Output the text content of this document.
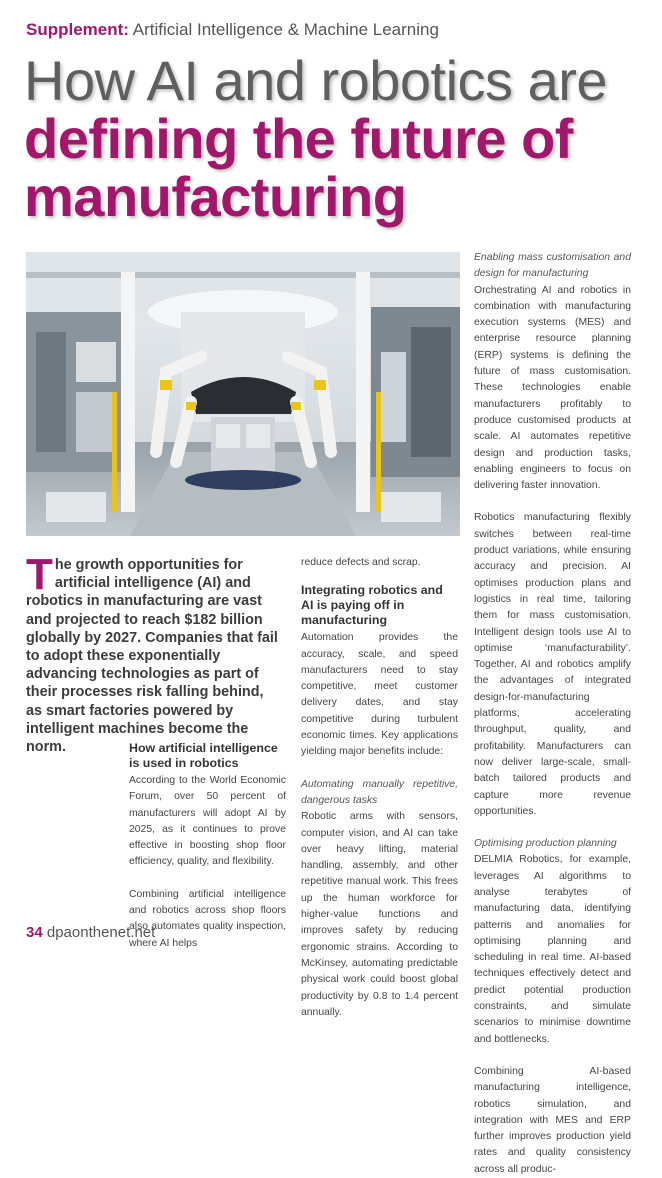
Supplement: Artificial Intelligence & Machine Learning
How AI and robotics are
defining the future of
manufacturing
T he growth opportunities for artificial intelligence (AI) and robotics in manufacturing are vast and projected to reach $182 billion globally by 2027. Companies that fail to adopt these exponentially advancing technologies as part of their processes risk falling behind, as smart factories powered by intelligent machines become the norm.	How artificial intelligence is used in robotics

According to the World Economic Forum, over 50 percent of manufacturers will adopt AI by 2025, as it continues to prove effective in boosting shop floor efficiency, quality, and flexibility.

Combining artificial intelligence and robotics across shop floors also automates quality inspection, where AI helps

reduce defects and scrap.

Integrating robotics and AI is paying off in manufacturing

Automation provides the accuracy, scale, and speed manufacturers need to stay competitive, meet customer delivery dates, and stay competitive during turbulent economic times. Key applications yielding major benefits include:

Automating manually repetitive, dangerous tasks

Robotic arms with sensors, computer vision, and AI can take over heavy lifting, material handling, assembly, and other repetitive manual work. This frees up the human workforce for higher-value functions and improves safety by reducing ergonomic strains. According to McKinsey, automating predictable physical work could boost global productivity by 0.8 to 1.4 percent annually.

Enabling mass customisation and design for manufacturing

Orchestrating AI and robotics in combination with manufacturing execution systems (MES) and enterprise resource planning (ERP) systems is defining the future of mass customisation. These technologies enable manufacturers profitably to produce customised products at scale. AI automates repetitive design and production tasks, enabling engineers to focus on delivering faster innovation.

Robotics manufacturing flexibly switches between real-time product variations, while ensuring accuracy and precision. AI optimises production plans and logistics in real time, tailoring them for mass customisation. Intelligent design tools use AI to optimise ‘manufacturability’. Together, AI and robotics amplify the advantages of integrated design-for-manufacturing platforms, accelerating throughput, quality, and profitability. Manufacturers can now deliver large-scale, small-batch tailored products and capture more revenue opportunities.

Optimising production planning

DELMIA Robotics, for example, leverages AI algorithms to analyse terabytes of manufacturing data, identifying patterns and anomalies for optimising planning and scheduling in real time. AI-based techniques effectively detect and predict potential production constraints, and simulate scenarios to minimise downtime and bottlenecks.

Combining AI-based manufacturing intelligence, robotics simulation, and integration with MES and ERP further improves production yield rates and quality consistency across all produc-

34 dpaonthenet.net
